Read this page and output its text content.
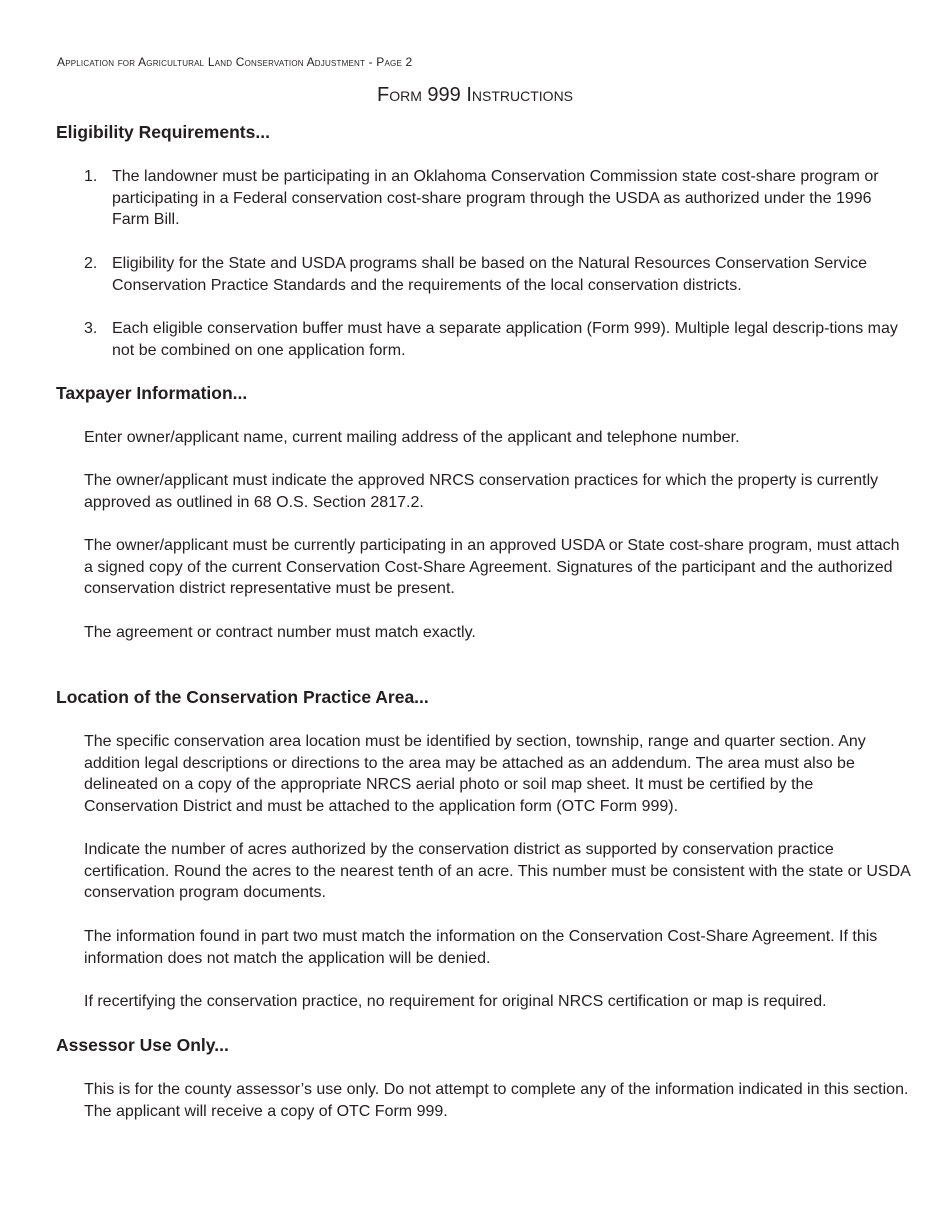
Application for Agricultural Land Conservation Adjustment - Page 2
Form 999 Instructions
Eligibility Requirements...
1. The landowner must be participating in an Oklahoma Conservation Commission state cost-share program or participating in a Federal conservation cost-share program through the USDA as authorized under the 1996 Farm Bill.
2. Eligibility for the State and USDA programs shall be based on the Natural Resources Conservation Service Conservation Practice Standards and the requirements of the local conservation districts.
3. Each eligible conservation buffer must have a separate application (Form 999). Multiple legal descrip-tions may not be combined on one application form.
Taxpayer Information...
Enter owner/applicant name, current mailing address of the applicant and telephone number.
The owner/applicant must indicate the approved NRCS conservation practices for which the property is currently approved as outlined in 68 O.S. Section 2817.2.
The owner/applicant must be currently participating in an approved USDA or State cost-share program, must attach a signed copy of the current Conservation Cost-Share Agreement. Signatures of the participant and the authorized conservation district representative must be present.
The agreement or contract number must match exactly.
Location of the Conservation Practice Area...
The specific conservation area location must be identified by section, township, range and quarter section. Any addition legal descriptions or directions to the area may be attached as an addendum. The area must also be delineated on a copy of the appropriate NRCS aerial photo or soil map sheet. It must be certified by the Conservation District and must be attached to the application form (OTC Form 999).
Indicate the number of acres authorized by the conservation district as supported by conservation practice certification. Round the acres to the nearest tenth of an acre. This number must be consistent with the state or USDA conservation program documents.
The information found in part two must match the information on the Conservation Cost-Share Agreement. If this information does not match the application will be denied.
If recertifying the conservation practice, no requirement for original NRCS certification or map is required.
Assessor Use Only...
This is for the county assessor’s use only. Do not attempt to complete any of the information indicated in this section. The applicant will receive a copy of OTC Form 999.
